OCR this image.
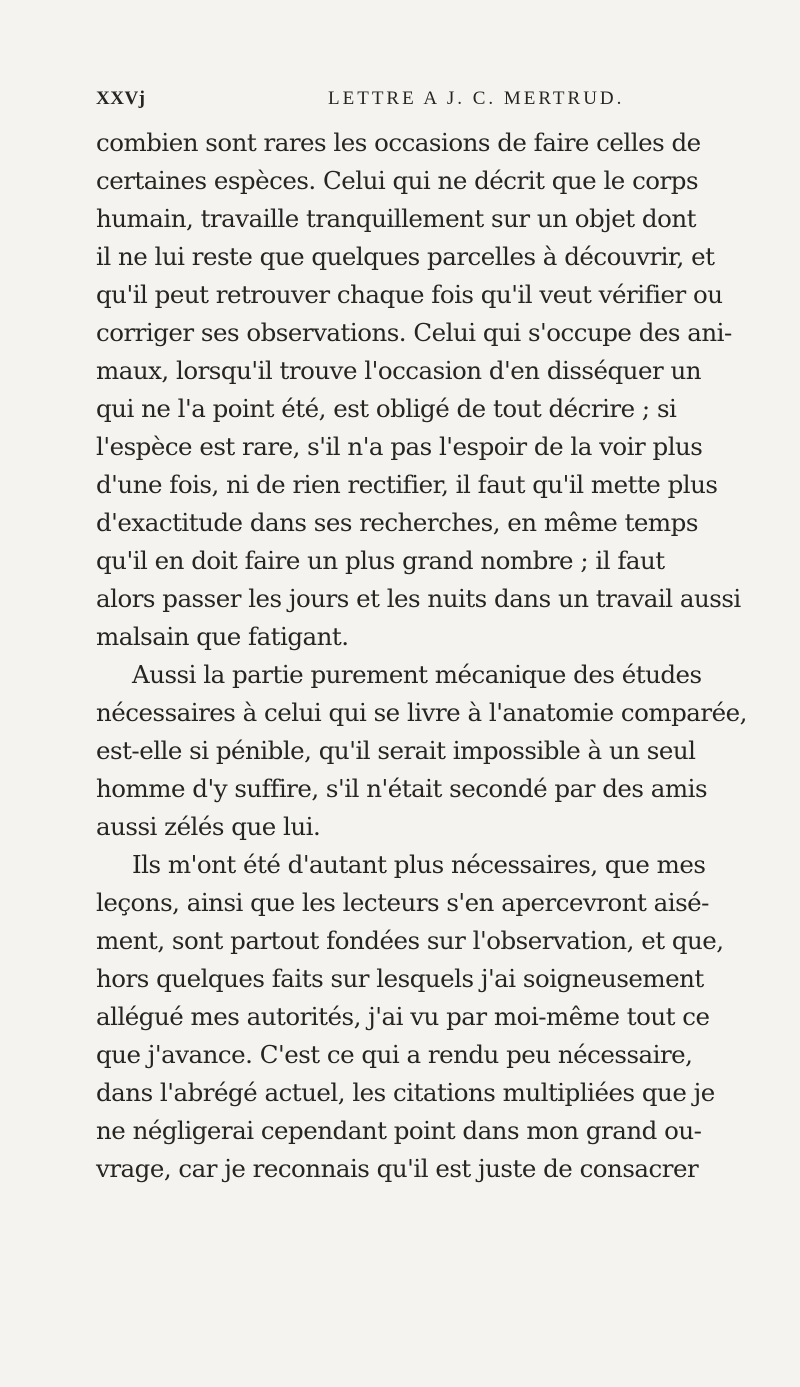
XXVj	LETTRE A J. C. MERTRUD.
combien sont rares les occasions de faire celles de
certaines espèces. Celui qui ne décrit que le corps
humain, travaille tranquillement sur un objet dont
il ne lui reste que quelques parcelles à découvrir, et
qu'il peut retrouver chaque fois qu'il veut vérifier ou
corriger ses observations. Celui qui s'occupe des ani-
maux, lorsqu'il trouve l'occasion d'en disséquer un
qui ne l'a point été, est obligé de tout décrire ; si
l'espèce est rare, s'il n'a pas l'espoir de la voir plus
d'une fois, ni de rien rectifier, il faut qu'il mette plus
d'exactitude dans ses recherches, en même temps
qu'il en doit faire un plus grand nombre ; il faut
alors passer les jours et les nuits dans un travail aussi
malsain que fatigant.
Aussi la partie purement mécanique des études
nécessaires à celui qui se livre à l'anatomie comparée,
est-elle si pénible, qu'il serait impossible à un seul
homme d'y suffire, s'il n'était secondé par des amis
aussi zélés que lui.
Ils m'ont été d'autant plus nécessaires, que mes
leçons, ainsi que les lecteurs s'en apercevront aisé-
ment, sont partout fondées sur l'observation, et que,
hors quelques faits sur lesquels j'ai soigneusement
allégué mes autorités, j'ai vu par moi-même tout ce
que j'avance. C'est ce qui a rendu peu nécessaire,
dans l'abrégé actuel, les citations multipliées que je
ne négligerai cependant point dans mon grand ou-
vrage, car je reconnais qu'il est juste de consacrer
